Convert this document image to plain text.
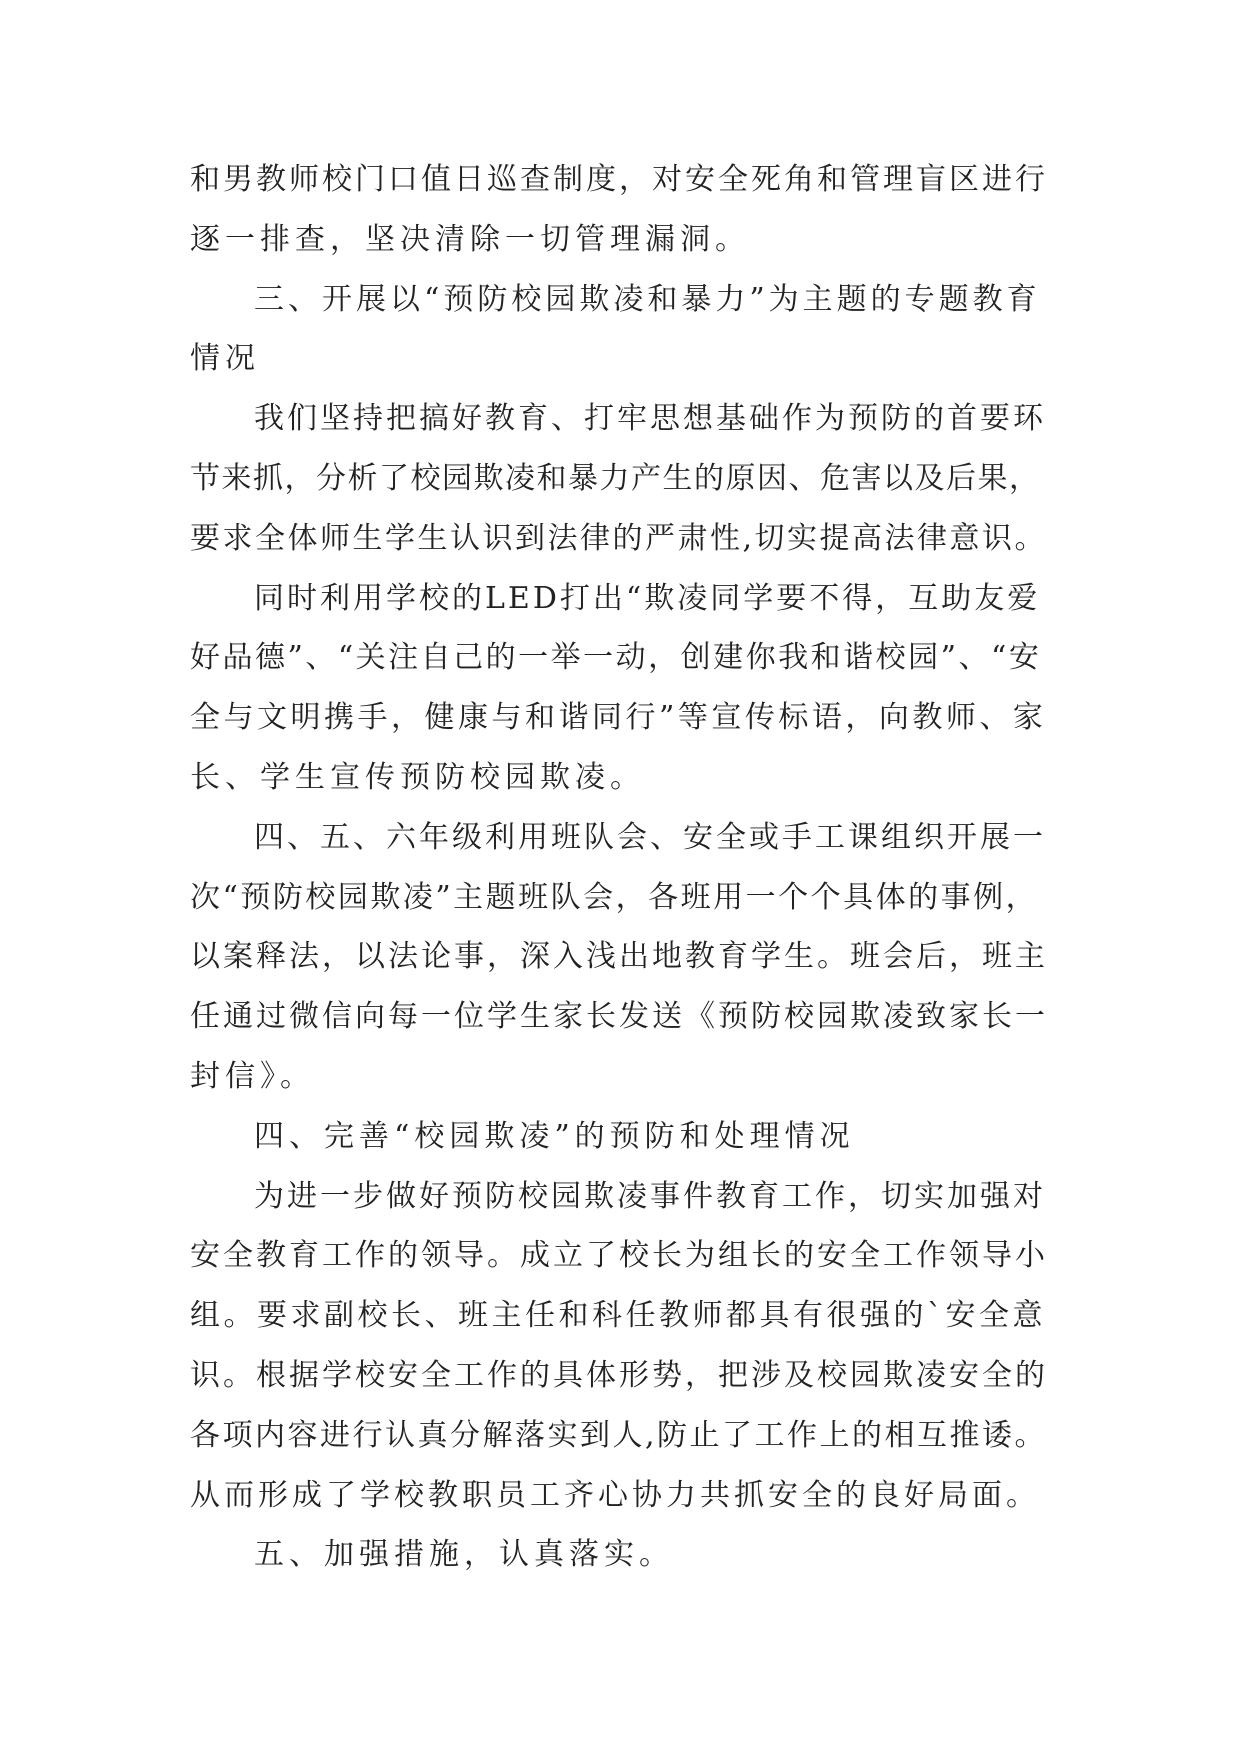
和男教师校门口值日巡查制度，对安全死角和管理盲区进行
逐一排查，坚决清除一切管理漏洞。
三、开展以“预防校园欺凌和暴力”为主题的专题教育
情况
我们坚持把搞好教育、打牢思想基础作为预防的首要环
节来抓，分析了校园欺凌和暴力产生的原因、危害以及后果，
要求全体师生学生认识到法律的严肃性,切实提高法律意识。
同时利用学校的LED打出“欺凌同学要不得，互助友爱
好品德”、“关注自己的一举一动，创建你我和谐校园”、“安
全与文明携手，健康与和谐同行”等宣传标语，向教师、家
长、学生宣传预防校园欺凌。
四、五、六年级利用班队会、安全或手工课组织开展一
次“预防校园欺凌”主题班队会，各班用一个个具体的事例，
以案释法，以法论事，深入浅出地教育学生。班会后，班主
任通过微信向每一位学生家长发送《预防校园欺凌致家长一
封信》。
四、完善“校园欺凌”的预防和处理情况
为进一步做好预防校园欺凌事件教育工作，切实加强对
安全教育工作的领导。成立了校长为组长的安全工作领导小
组。要求副校长、班主任和科任教师都具有很强的`安全意
识。根据学校安全工作的具体形势，把涉及校园欺凌安全的
各项内容进行认真分解落实到人,防止了工作上的相互推诿。
从而形成了学校教职员工齐心协力共抓安全的良好局面。
五、加强措施，认真落实。
